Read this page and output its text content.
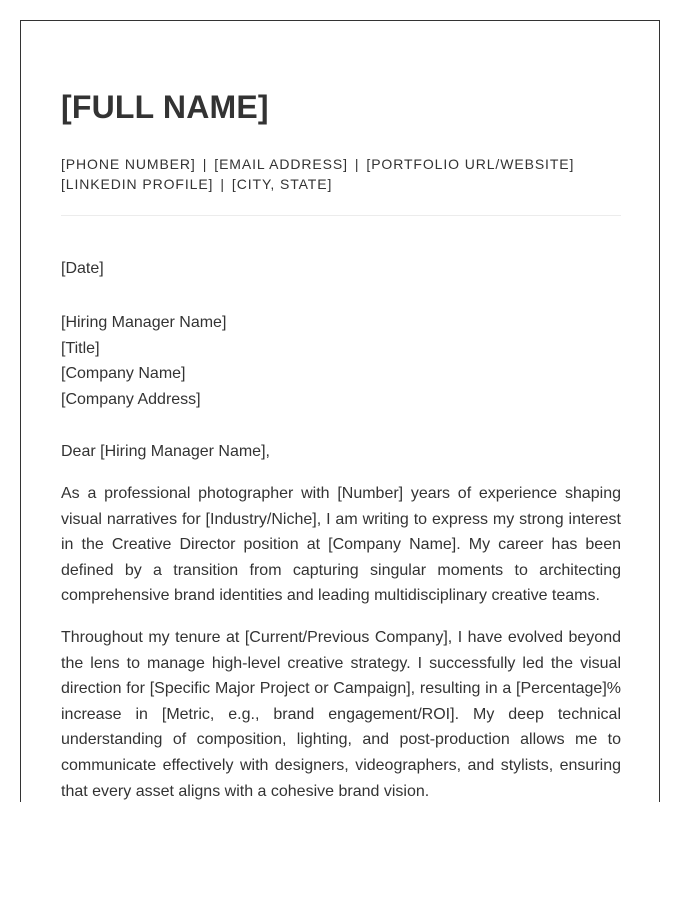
[FULL NAME]
[PHONE NUMBER] | [EMAIL ADDRESS] | [PORTFOLIO URL/WEBSITE]
[LINKEDIN PROFILE] | [CITY, STATE]
[Date]
[Hiring Manager Name]
[Title]
[Company Name]
[Company Address]
Dear [Hiring Manager Name],

As a professional photographer with [Number] years of experience shaping visual narratives for [Industry/Niche], I am writing to express my strong interest in the Creative Director position at [Company Name]. My career has been defined by a transition from capturing singular moments to architecting comprehensive brand identities and leading multidisciplinary creative teams.

Throughout my tenure at [Current/Previous Company], I have evolved beyond the lens to manage high-level creative strategy. I successfully led the visual direction for [Specific Major Project or Campaign], resulting in a [Percentage]% increase in [Metric, e.g., brand engagement/ROI]. My deep technical understanding of composition, lighting, and post-production allows me to communicate effectively with designers, videographers, and stylists, ensuring that every asset aligns with a cohesive brand vision.
